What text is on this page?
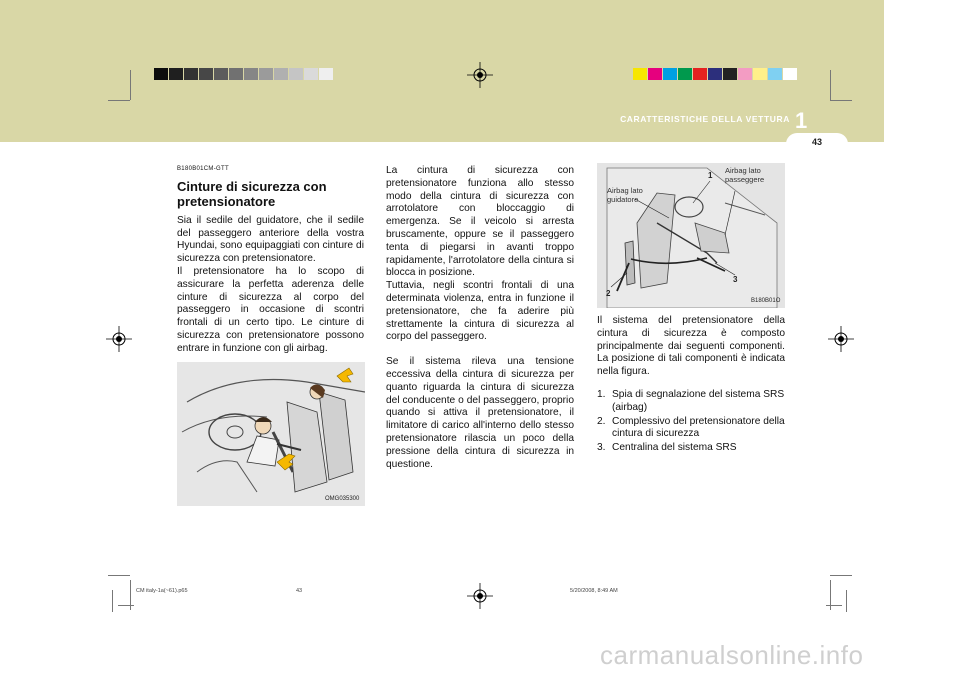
CARATTERISTICHE DELLA VETTURA 1
43
B180B01CM-GTT
Cinture di sicurezza con pretensionatore

Sia il sedile del guidatore, che il sedile del passeggero anteriore della vostra Hyundai, sono equipaggiati con cinture di sicurezza con pretensionatore.

Il pretensionatore ha lo scopo di assicurare la perfetta aderenza delle cinture di sicurezza al corpo del passeggero in occasione di scontri frontali di un certo tipo. Le cinture di sicurezza con pretensionatore possono entrare in funzione con gli airbag.

OMG035300

La cintura di sicurezza con pretensionatore funziona allo stesso modo della cintura di sicurezza con arrotolatore con bloccaggio di emergenza. Se il veicolo si arresta bruscamente, oppure se il passeggero tenta di piegarsi in avanti troppo rapidamente, l'arrotolatore della cintura si blocca in posizione.

Tuttavia, negli scontri frontali di una determinata violenza, entra in funzione il pretensionatore, che fa aderire più strettamente la cintura di sicurezza al corpo del passeggero.

Se il sistema rileva una tensione eccessiva della cintura di sicurezza per quanto riguarda la cintura di sicurezza del conducente o del passeggero, proprio quando si attiva il pretensionatore, il limitatore di carico all'interno dello stesso pretensionatore rilascia un poco della pressione della cintura di sicurezza in questione.

Airbag lato
guidatore
Airbag lato
passeggere
1
2
3
B180B01O

Il sistema del pretensionatore della cintura di sicurezza è composto principalmente dai seguenti componenti. La posizione di tali componenti è indicata nella figura.

1. Spia di segnalazione del sistema SRS (airbag)
2. Complessivo del pretensionatore della cintura di sicurezza
3. Centralina del sistema SRS
CM italy-1a(~61).p65	43	5/20/2008, 8:49 AM
carmanualsonline.info
